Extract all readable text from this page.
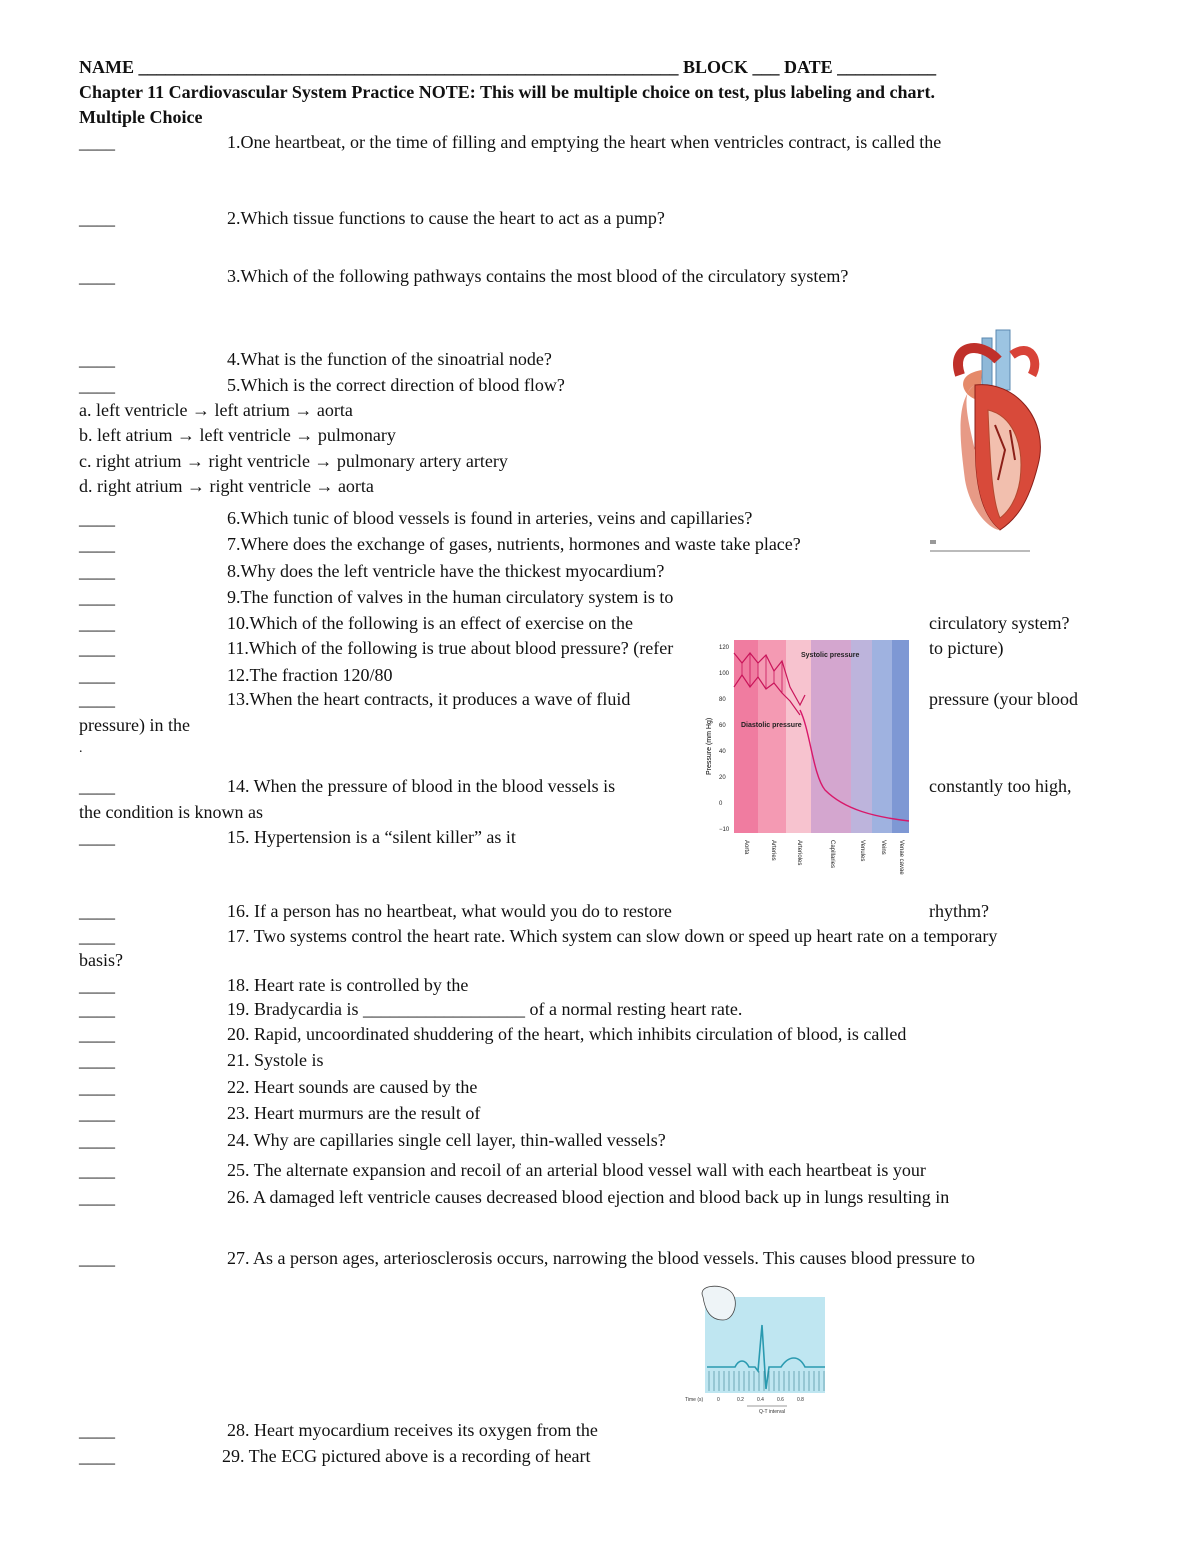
NAME ____________________________________________________________ BLOCK ___ DATE ___________
Chapter 11 Cardiovascular System Practice NOTE: This will be multiple choice on test, plus labeling and chart.
Multiple Choice
____	1.One heartbeat, or the time of filling and emptying the heart when ventricles contract, is called the
____	2.Which tissue functions to cause the heart to act as a pump?
____	3.Which of the following pathways contains the most blood of the circulatory system?
____	4.What is the function of the sinoatrial node?
____	5.Which is the correct direction of blood flow?
a. left ventricle → left atrium → aorta
b. left atrium → left ventricle → pulmonary
c. right atrium → right ventricle → pulmonary artery artery
d. right atrium → right ventricle → aorta
____	6.Which tunic of blood vessels is found in arteries, veins and capillaries?
____	7.Where does the exchange of gases, nutrients, hormones and waste take place?
____	8.Why does the left ventricle have the thickest myocardium?
____	9.The function of valves in the human circulatory system is to
____	10.Which of the following is an effect of exercise on the	circulatory system?
____	11.Which of the following is true about blood pressure? (refer	to picture)
____	12.The fraction 120/80
____	13.When the heart contracts, it produces a wave of fluid	pressure (your blood
pressure) in the
.
____	14. When the pressure of blood in the blood vessels is	constantly too high,
the condition is known as
____	15. Hypertension is a “silent killer” as it
____	16. If a person has no heartbeat, what would you do to restore	rhythm?
____	17. Two systems control the heart rate. Which system can slow down or speed up heart rate on a temporary
basis?
____	18. Heart rate is controlled by the
____	19. Bradycardia is __________________ of a normal resting heart rate.
____	20. Rapid, uncoordinated shuddering of the heart, which inhibits circulation of blood, is called
____	21. Systole is
____	22. Heart sounds are caused by the
____	23. Heart murmurs are the result of
____	24. Why are capillaries single cell layer, thin-walled vessels?
____	25. The alternate expansion and recoil of an arterial blood vessel wall with each heartbeat is your
____	26. A damaged left ventricle causes decreased blood ejection and blood back up in lungs resulting in
____	27. As a person ages, arteriosclerosis occurs, narrowing the blood vessels. This causes blood pressure to
____	28. Heart myocardium receives its oxygen from the
____	29. The ECG pictured above is a recording of heart
120
100
80
60
40
20
0
−10
Pressure (mm Hg)
Systolic pressure
Diastolic pressure
Aorta	Arteries	Arterioles	Capillaries	Venules	Veins Venae cavae
Time (s)	0	0.2	0.4	0.6	0.8
Q-T interval
